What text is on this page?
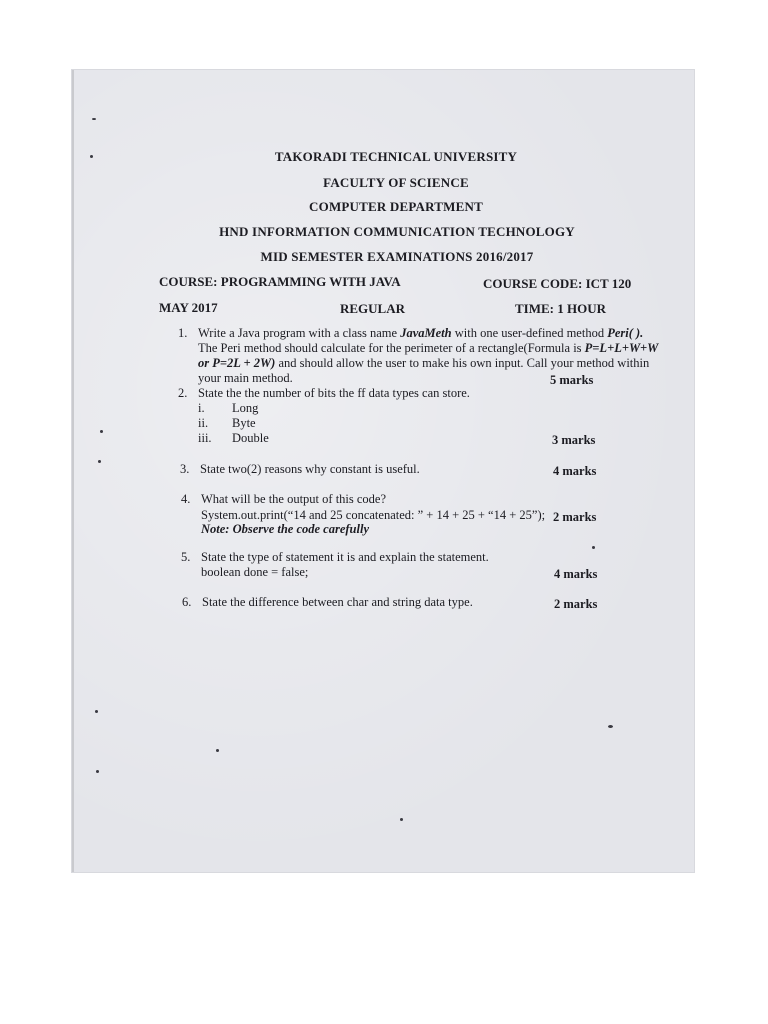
TAKORADI TECHNICAL UNIVERSITY
FACULTY OF SCIENCE
COMPUTER DEPARTMENT
HND INFORMATION COMMUNICATION TECHNOLOGY
MID SEMESTER EXAMINATIONS 2016/2017
COURSE: PROGRAMMING WITH JAVA	COURSE CODE: ICT 120
MAY 2017	REGULAR	TIME: 1 HOUR
1. Write a Java program with a class name JavaMeth with one user-defined method Peri( ).
The Peri method should calculate for the perimeter of a rectangle(Formula is P=L+L+W+W
or P=2L + 2W) and should allow the user to make his own input. Call your method within
your main method.	5 marks
2. State the the number of bits the ff data types can store.
i. Long
ii. Byte
iii. Double	3 marks
3. State two(2) reasons why constant is useful.	4 marks
4. What will be the output of this code?
System.out.print(“14 and 25 concatenated: ” + 14 + 25 + “14 + 25”);
Note: Observe the code carefully
2 marks
5. State the type of statement it is and explain the statement.
boolean done = false;	4 marks
6. State the difference between char and string data type.	2 marks
